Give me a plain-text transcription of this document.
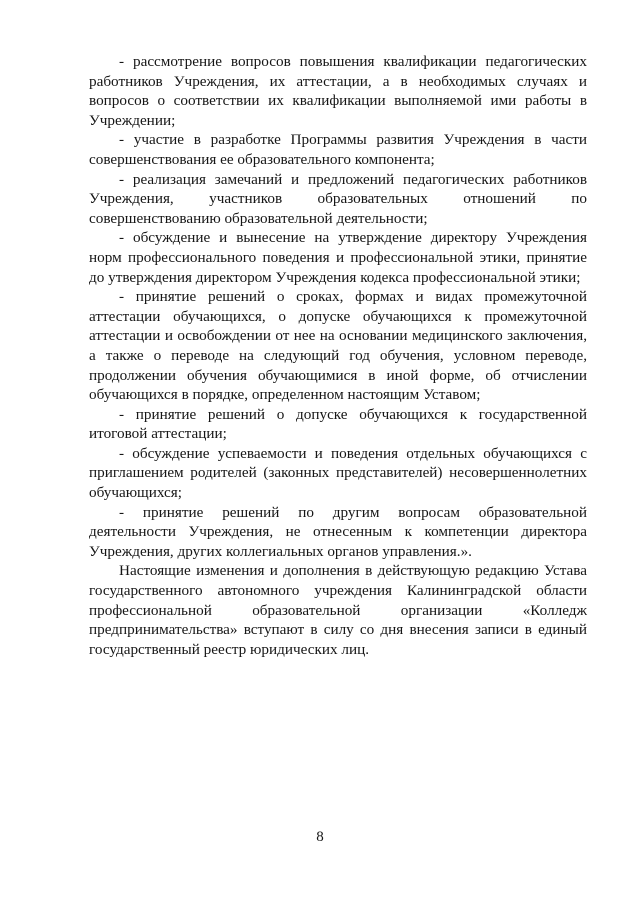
- рассмотрение вопросов повышения квалификации педагогических работников Учреждения, их аттестации, а в необходимых случаях и вопросов о соответствии их квалификации выполняемой ими работы в Учреждении;

- участие в разработке Программы развития Учреждения в части совершенствования ее образовательного компонента;

- реализация замечаний и предложений педагогических работников Учреждения, участников образовательных отношений по совершенствованию образовательной деятельности;

- обсуждение и вынесение на утверждение директору Учреждения норм профессионального поведения и профессиональной этики, принятие до утверждения директором Учреждения кодекса профессиональной этики;

- принятие решений о сроках, формах и видах промежуточной аттестации обучающихся, о допуске обучающихся к промежуточной аттестации и освобождении от нее на основании медицинского заключения, а также о переводе на следующий год обучения, условном переводе, продолжении обучения обучающимися в иной форме, об отчислении обучающихся в порядке, определенном настоящим Уставом;

- принятие решений о допуске обучающихся к государственной итоговой аттестации;

- обсуждение успеваемости и поведения отдельных обучающихся с приглашением родителей (законных представителей) несовершеннолетних обучающихся;

- принятие решений по другим вопросам образовательной деятельности Учреждения, не отнесенным к компетенции директора Учреждения, других коллегиальных органов управления.».

Настоящие изменения и дополнения в действующую редакцию Устава государственного автономного учреждения Калининградской области профессиональной образовательной организации «Колледж предпринимательства» вступают в силу со дня внесения записи в единый государственный реестр юридических лиц.

8
